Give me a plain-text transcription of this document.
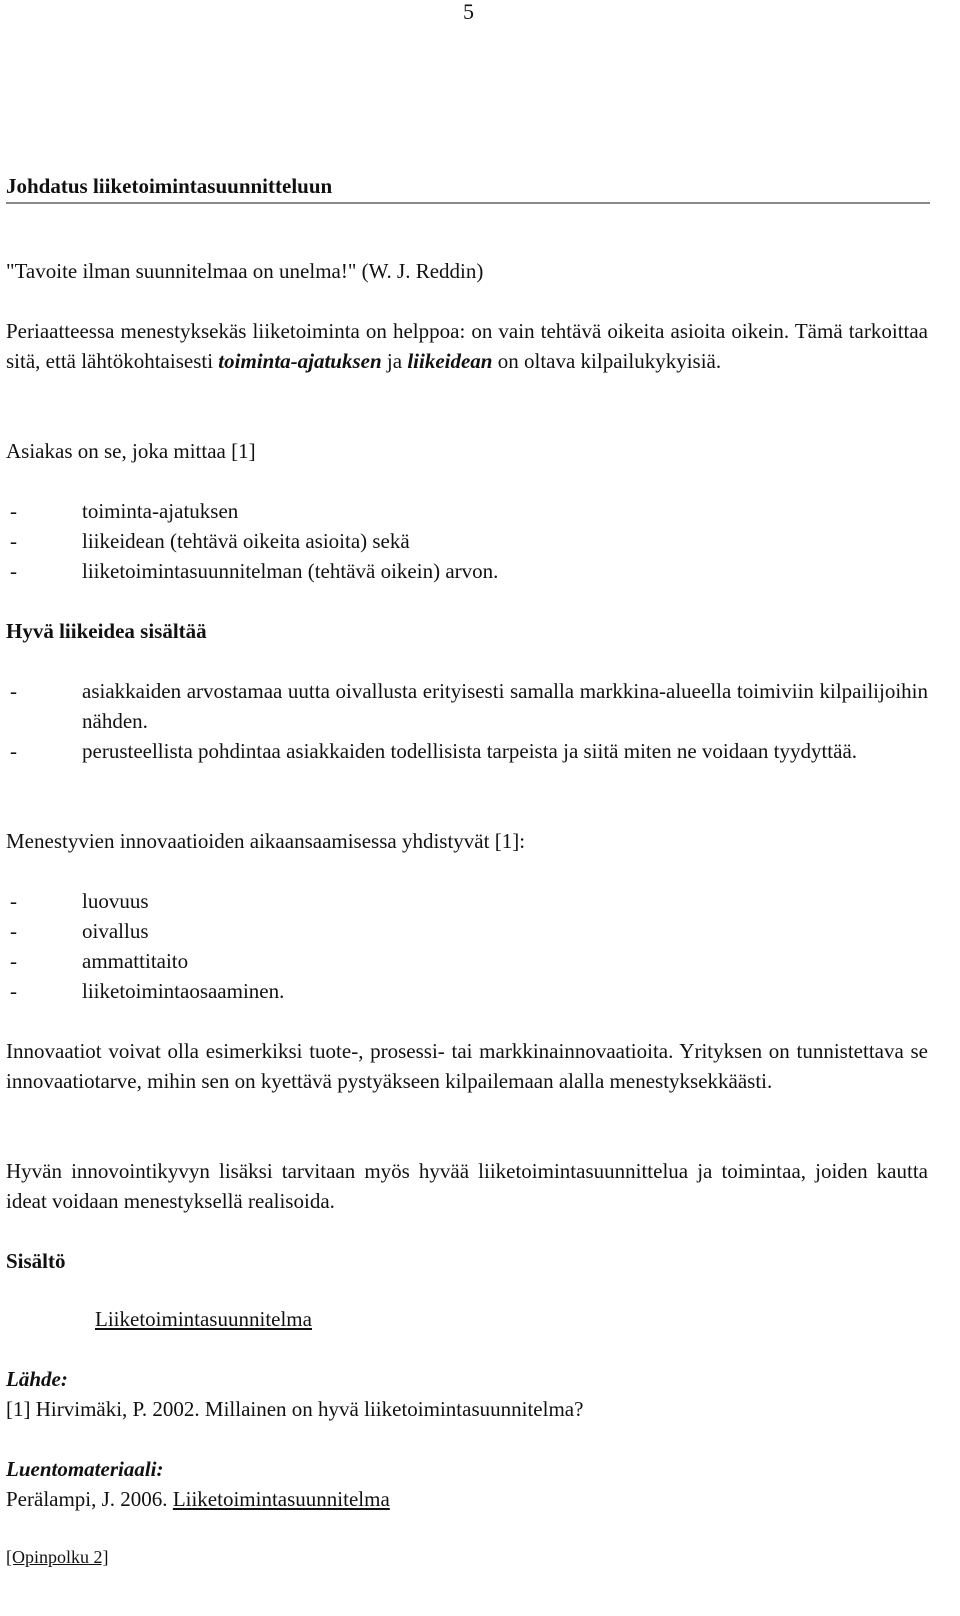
5
Johdatus liiketoimintasuunnitteluun

"Tavoite ilman suunnitelmaa on unelma!" (W. J. Reddin)

Periaatteessa menestyksekäs liiketoiminta on helppoa: on vain tehtävä oikeita asioita oikein. Tämä tarkoittaa sitä, että lähtökohtaisesti toiminta-ajatuksen ja liikeidean on oltava kilpailukykyisiä.

Asiakas on se, joka mittaa [1]

-	toiminta-ajatuksen
-	liikeidean (tehtävä oikeita asioita) sekä
-	liiketoimintasuunnitelman (tehtävä oikein) arvon.

Hyvä liikeidea sisältää

-	asiakkaiden arvostamaa uutta oivallusta erityisesti samalla markkina-alueella toimiviin kilpailijoihin nähden.
-	perusteellista pohdintaa asiakkaiden todellisista tarpeista ja siitä miten ne voidaan tyydyttää.

Menestyvien innovaatioiden aikaansaamisessa yhdistyvät [1]:

-	luovuus
-	oivallus
-	ammattitaito
-	liiketoimintaosaaminen.

Innovaatiot voivat olla esimerkiksi tuote-, prosessi- tai markkinainnovaatioita. Yrityksen on tunnistettava se innovaatiotarve, mihin sen on kyettävä pystyäkseen kilpailemaan alalla menestyksekkäästi.

Hyvän innovointikyvyn lisäksi tarvitaan myös hyvää liiketoimintasuunnittelua ja toimintaa, joiden kautta ideat voidaan menestyksellä realisoida.

Sisältö

Liiketoimintasuunnitelma

Lähde:

[1] Hirvimäki, P. 2002. Millainen on hyvä liiketoimintasuunnitelma?

Luentomateriaali:

Perälampi, J. 2006. Liiketoimintasuunnitelma

[Opinpolku 2]
